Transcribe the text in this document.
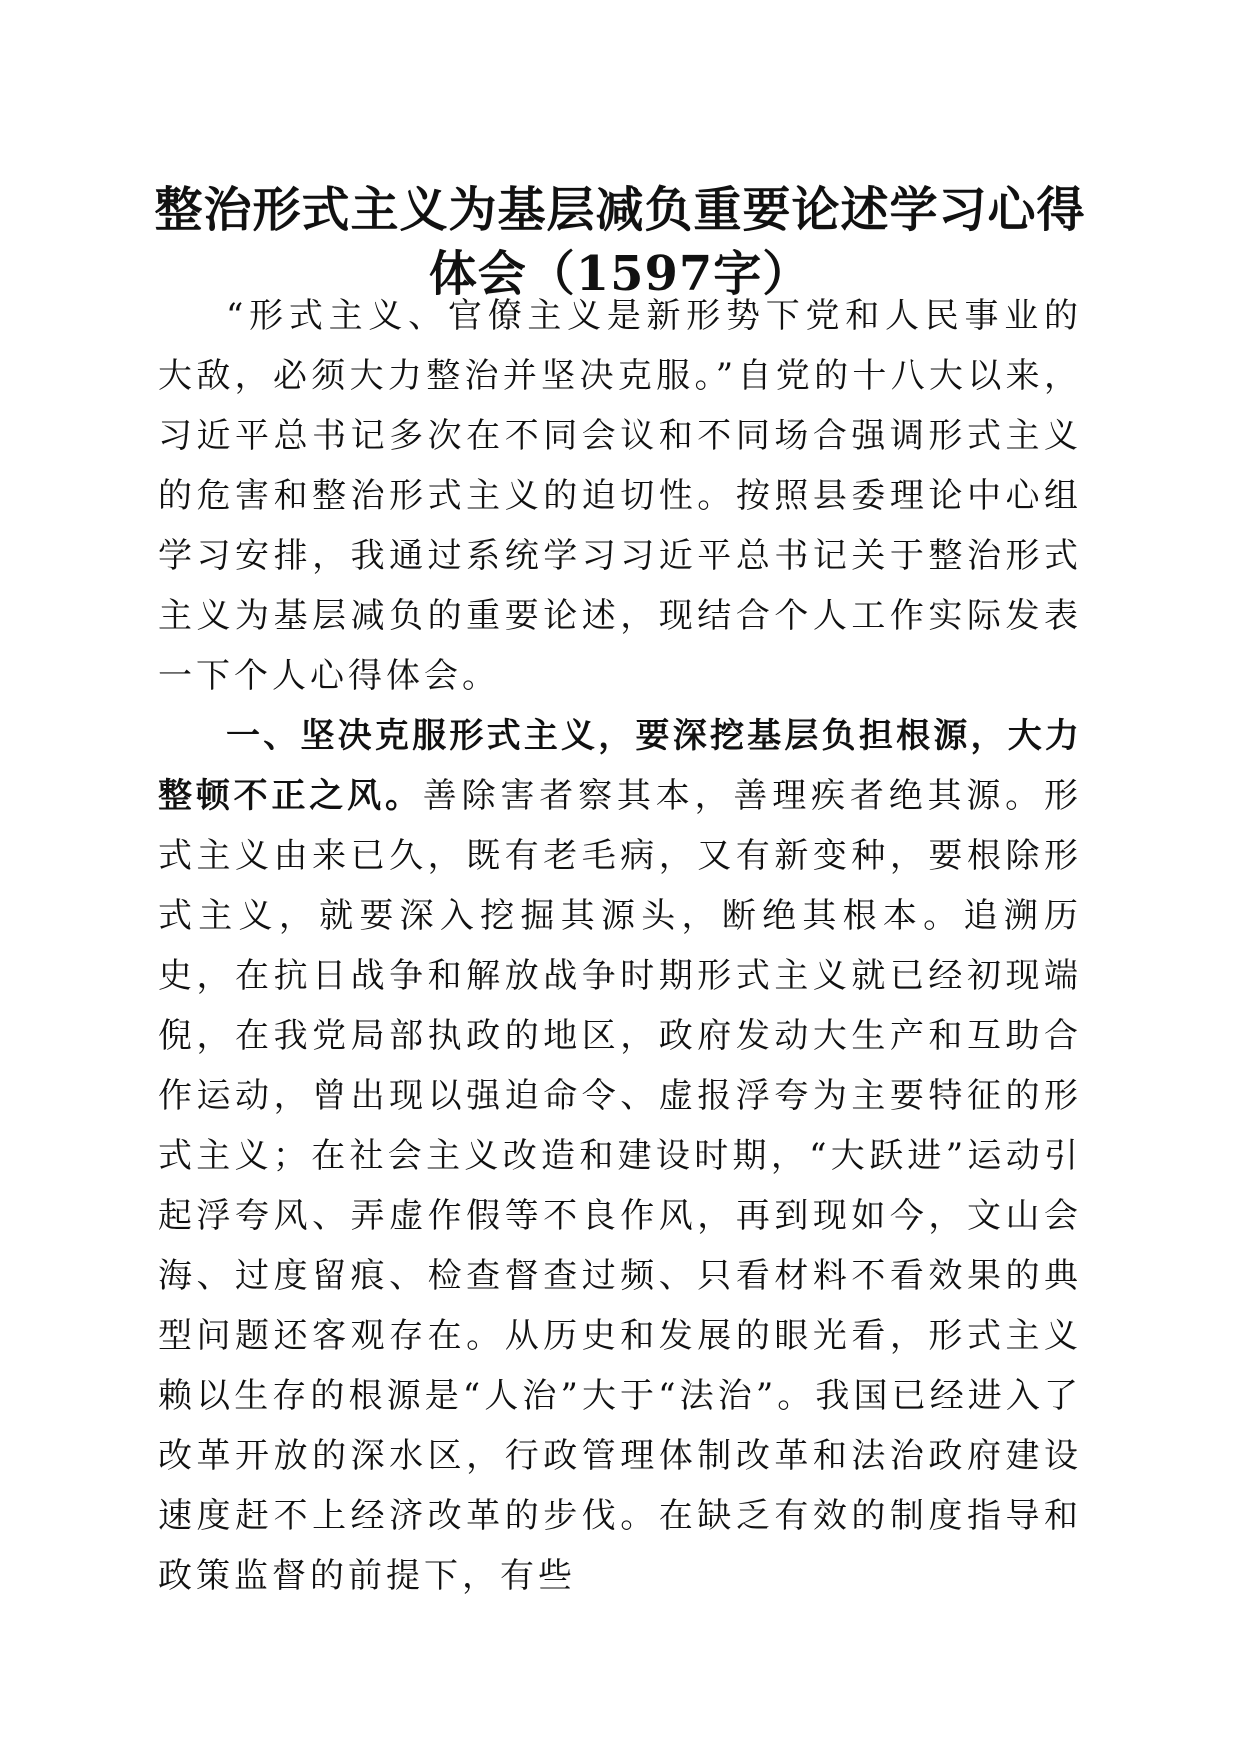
整治形式主义为基层减负重要论述学习心得体会（1597字）

“形式主义、官僚主义是新形势下党和人民事业的大敌，必须大力整治并坚决克服。”自党的十八大以来，习近平总书记多次在不同会议和不同场合强调形式主义的危害和整治形式主义的迫切性。按照县委理论中心组学习安排，我通过系统学习习近平总书记关于整治形式主义为基层减负的重要论述，现结合个人工作实际发表一下个人心得体会。

一、坚决克服形式主义，要深挖基层负担根源，大力整顿不正之风。善除害者察其本，善理疾者绝其源。形式主义由来已久，既有老毛病，又有新变种，要根除形式主义，就要深入挖掘其源头，断绝其根本。追溯历史，在抗日战争和解放战争时期形式主义就已经初现端倪，在我党局部执政的地区，政府发动大生产和互助合作运动，曾出现以强迫命令、虚报浮夸为主要特征的形式主义；在社会主义改造和建设时期，“大跃进”运动引起浮夸风、弄虚作假等不良作风，再到现如今，文山会海、过度留痕、检查督查过频、只看材料不看效果的典型问题还客观存在。从历史和发展的眼光看，形式主义赖以生存的根源是“人治”大于“法治”。我国已经进入了改革开放的深水区，行政管理体制改革和法治政府建设速度赶不上经济改革的步伐。在缺乏有效的制度指导和政策监督的前提下，有些
